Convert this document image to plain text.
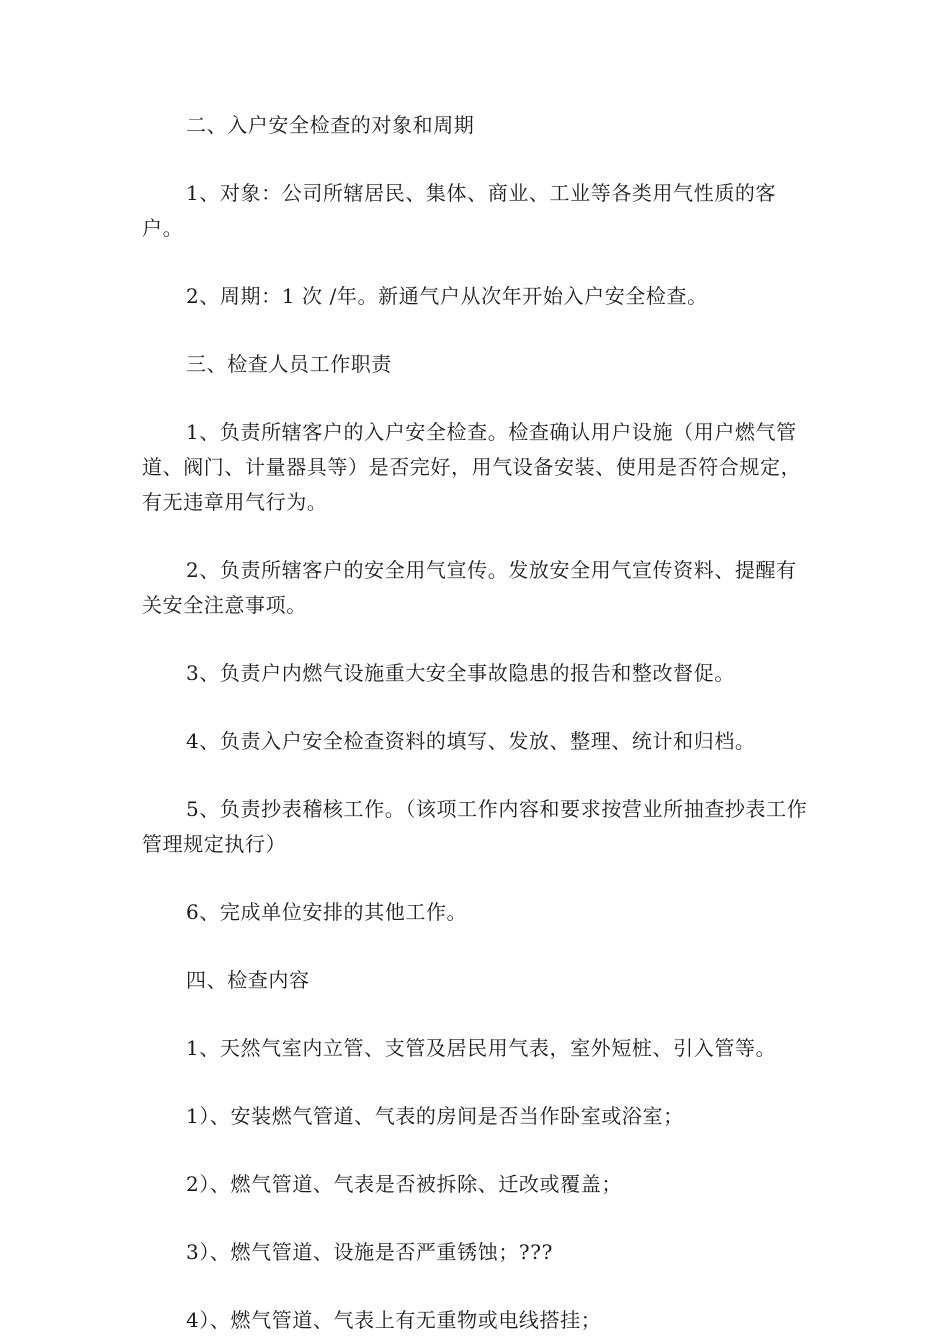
二、入户安全检查的对象和周期

1、对象：公司所辖居民、集体、商业、工业等各类用气性质的客户。

2、周期：1 次 /年。新通气户从次年开始入户安全检查。

三、检查人员工作职责

1、负责所辖客户的入户安全检查。检查确认用户设施（用户燃气管道、阀门、计量器具等）是否完好，用气设备安装、使用是否符合规定，有无违章用气行为。

2、负责所辖客户的安全用气宣传。发放安全用气宣传资料、提醒有关安全注意事项。

3、负责户内燃气设施重大安全事故隐患的报告和整改督促。

4、负责入户安全检查资料的填写、发放、整理、统计和归档。

5、负责抄表稽核工作。（该项工作内容和要求按营业所抽查抄表工作管理规定执行）

6、完成单位安排的其他工作。

四、检查内容

1、天然气室内立管、支管及居民用气表，室外短桩、引入管等。

1）、安装燃气管道、气表的房间是否当作卧室或浴室；

2）、燃气管道、气表是否被拆除、迁改或覆盖；

3）、燃气管道、设施是否严重锈蚀；???

4）、燃气管道、气表上有无重物或电线搭挂；
